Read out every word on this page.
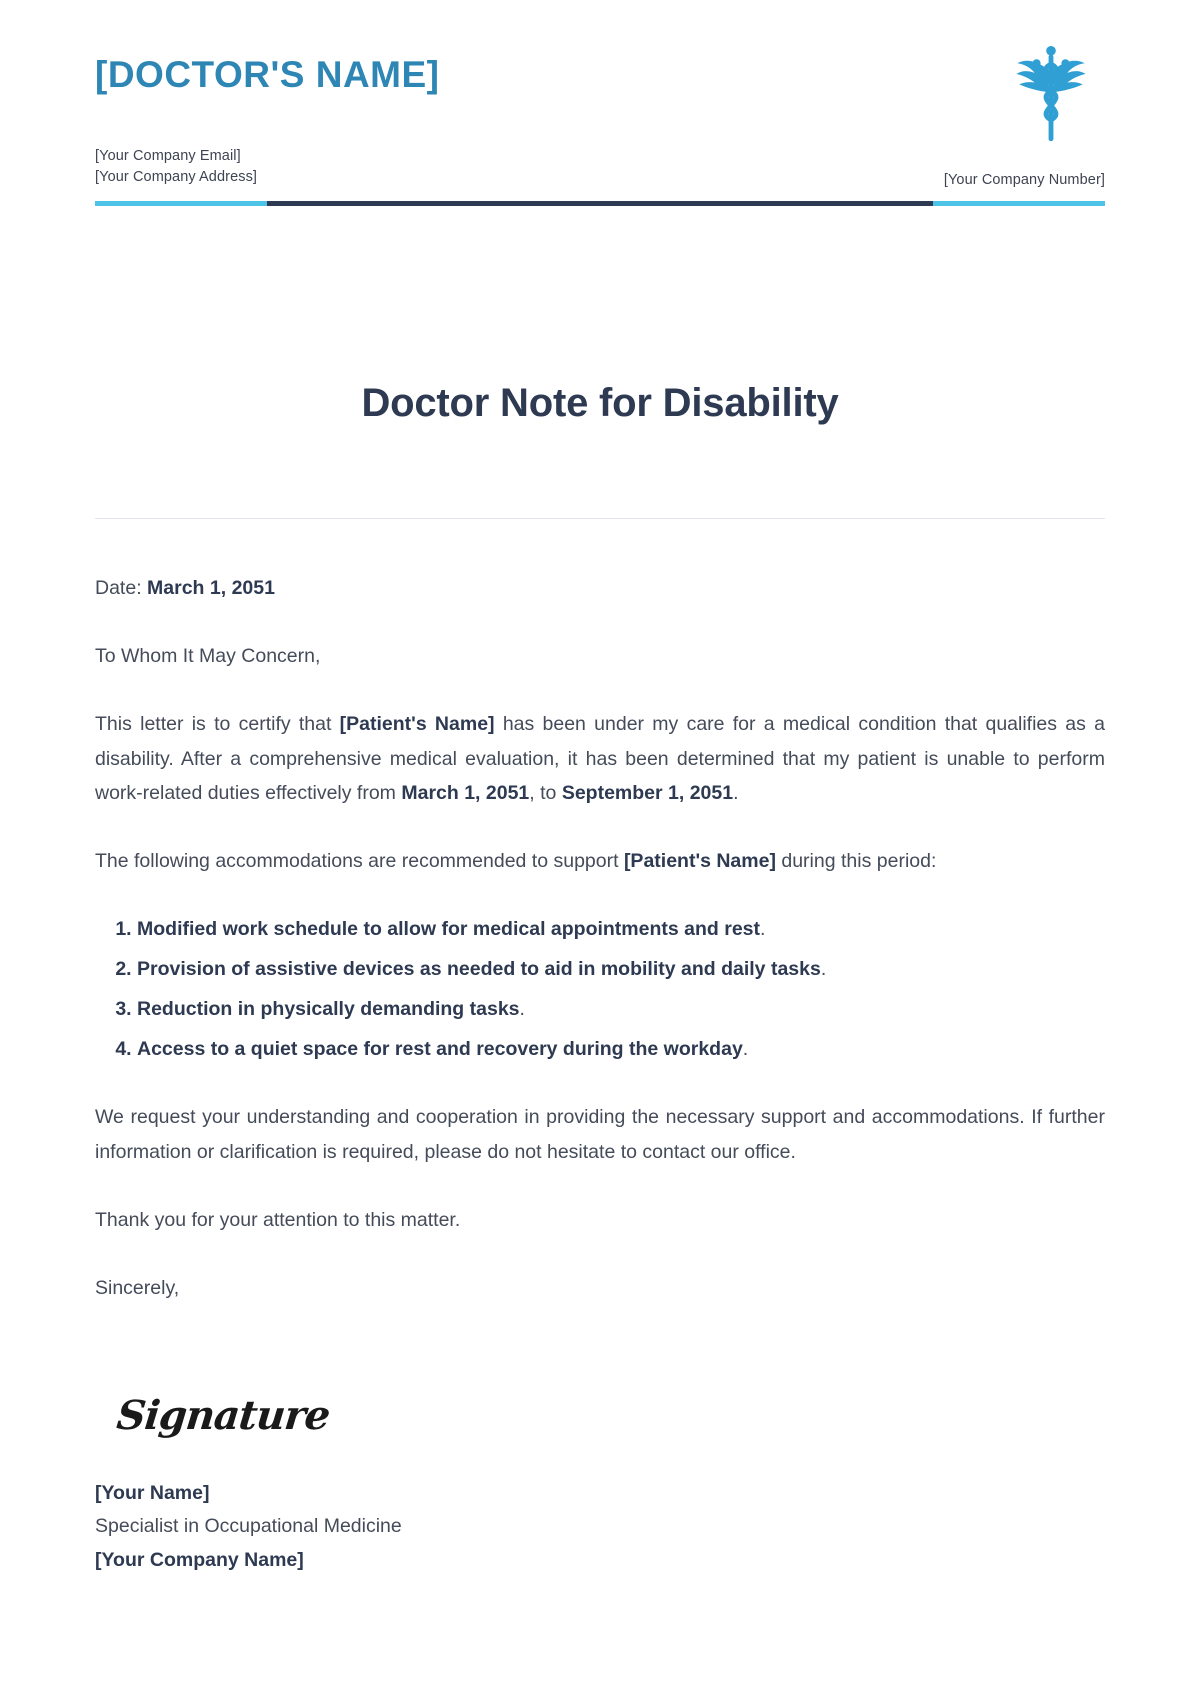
[DOCTOR'S NAME]
[Your Company Email]
[Your Company Address]	[Your Company Number]
Doctor Note for Disability

Date: March 1, 2051

To Whom It May Concern,

This letter is to certify that [Patient's Name] has been under my care for a medical condition that qualifies as a disability. After a comprehensive medical evaluation, it has been determined that my patient is unable to perform work-related duties effectively from March 1, 2051, to September 1, 2051.

The following accommodations are recommended to support [Patient's Name] during this period:

1. Modified work schedule to allow for medical appointments and rest.
2. Provision of assistive devices as needed to aid in mobility and daily tasks.
3. Reduction in physically demanding tasks.
4. Access to a quiet space for rest and recovery during the workday.

We request your understanding and cooperation in providing the necessary support and accommodations. If further information or clarification is required, please do not hesitate to contact our office.

Thank you for your attention to this matter.

Sincerely,

Signature
[Your Name]
Specialist in Occupational Medicine
[Your Company Name]
